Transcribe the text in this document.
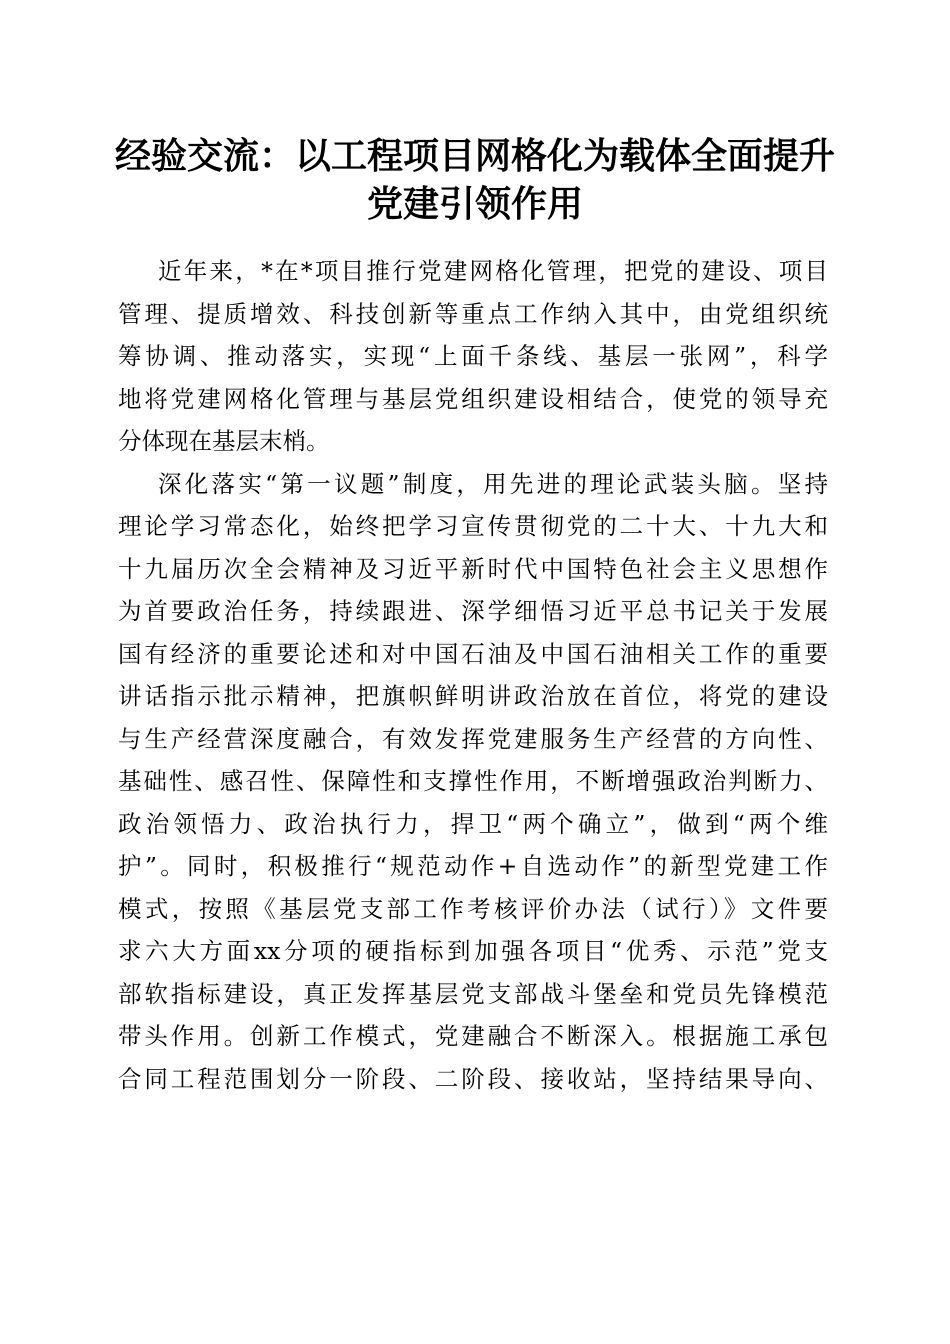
经验交流：以工程项目网格化为载体全面提升
党建引领作用
近年来，*在*项目推行党建网格化管理，把党的建设、项目
管理、提质增效、科技创新等重点工作纳入其中，由党组织统
筹协调、推动落实，实现“上面千条线、基层一张网”，科学
地将党建网格化管理与基层党组织建设相结合，使党的领导充
分体现在基层末梢。
深化落实“第一议题”制度，用先进的理论武装头脑。坚持
理论学习常态化，始终把学习宣传贯彻党的二十大、十九大和
十九届历次全会精神及习近平新时代中国特色社会主义思想作
为首要政治任务，持续跟进、深学细悟习近平总书记关于发展
国有经济的重要论述和对中国石油及中国石油相关工作的重要
讲话指示批示精神，把旗帜鲜明讲政治放在首位，将党的建设
与生产经营深度融合，有效发挥党建服务生产经营的方向性、
基础性、感召性、保障性和支撑性作用，不断增强政治判断力、
政治领悟力、政治执行力，捍卫“两个确立”，做到“两个维
护”。同时，积极推行“规范动作+自选动作”的新型党建工作
模式，按照《基层党支部工作考核评价办法（试行）》文件要
求六大方面xx分项的硬指标到加强各项目“优秀、示范”党支
部软指标建设，真正发挥基层党支部战斗堡垒和党员先锋模范
带头作用。创新工作模式，党建融合不断深入。根据施工承包
合同工程范围划分一阶段、二阶段、接收站，坚持结果导向、
